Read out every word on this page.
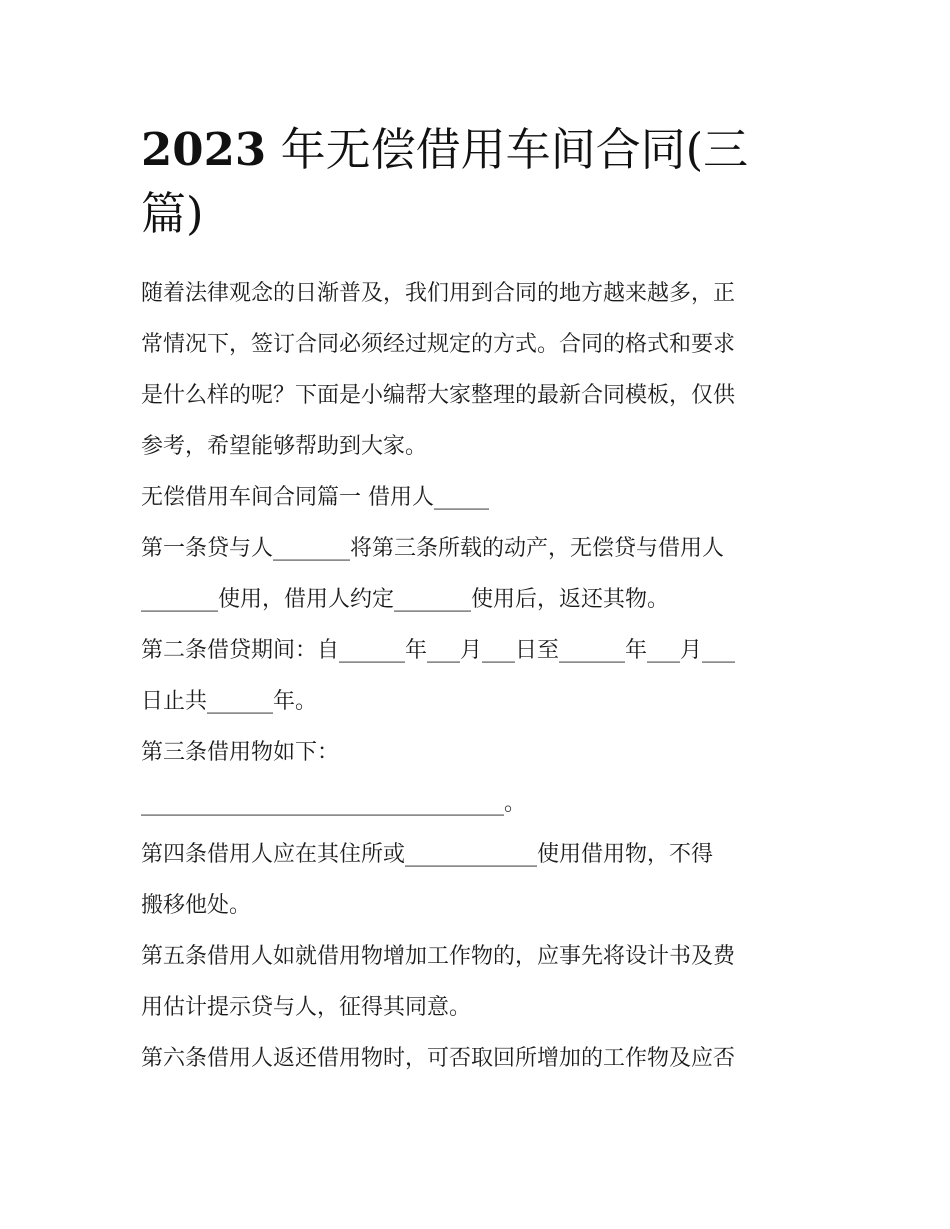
2023 年无偿借用车间合同(三
篇)
随着法律观念的日渐普及，我们用到合同的地方越来越多，正
常情况下，签订合同必须经过规定的方式。合同的格式和要求
是什么样的呢？下面是小编帮大家整理的最新合同模板，仅供
参考，希望能够帮助到大家。
无偿借用车间合同篇一 借用人_____
第一条贷与人_______将第三条所载的动产，无偿贷与借用人
_______使用，借用人约定_______使用后，返还其物。
第二条借贷期间：自______年___月___日至______年___月___
日止共______年。
第三条借用物如下：
_________________________________。
第四条借用人应在其住所或____________使用借用物，不得
搬移他处。
第五条借用人如就借用物增加工作物的，应事先将设计书及费
用估计提示贷与人，征得其同意。
第六条借用人返还借用物时，可否取回所增加的工作物及应否
